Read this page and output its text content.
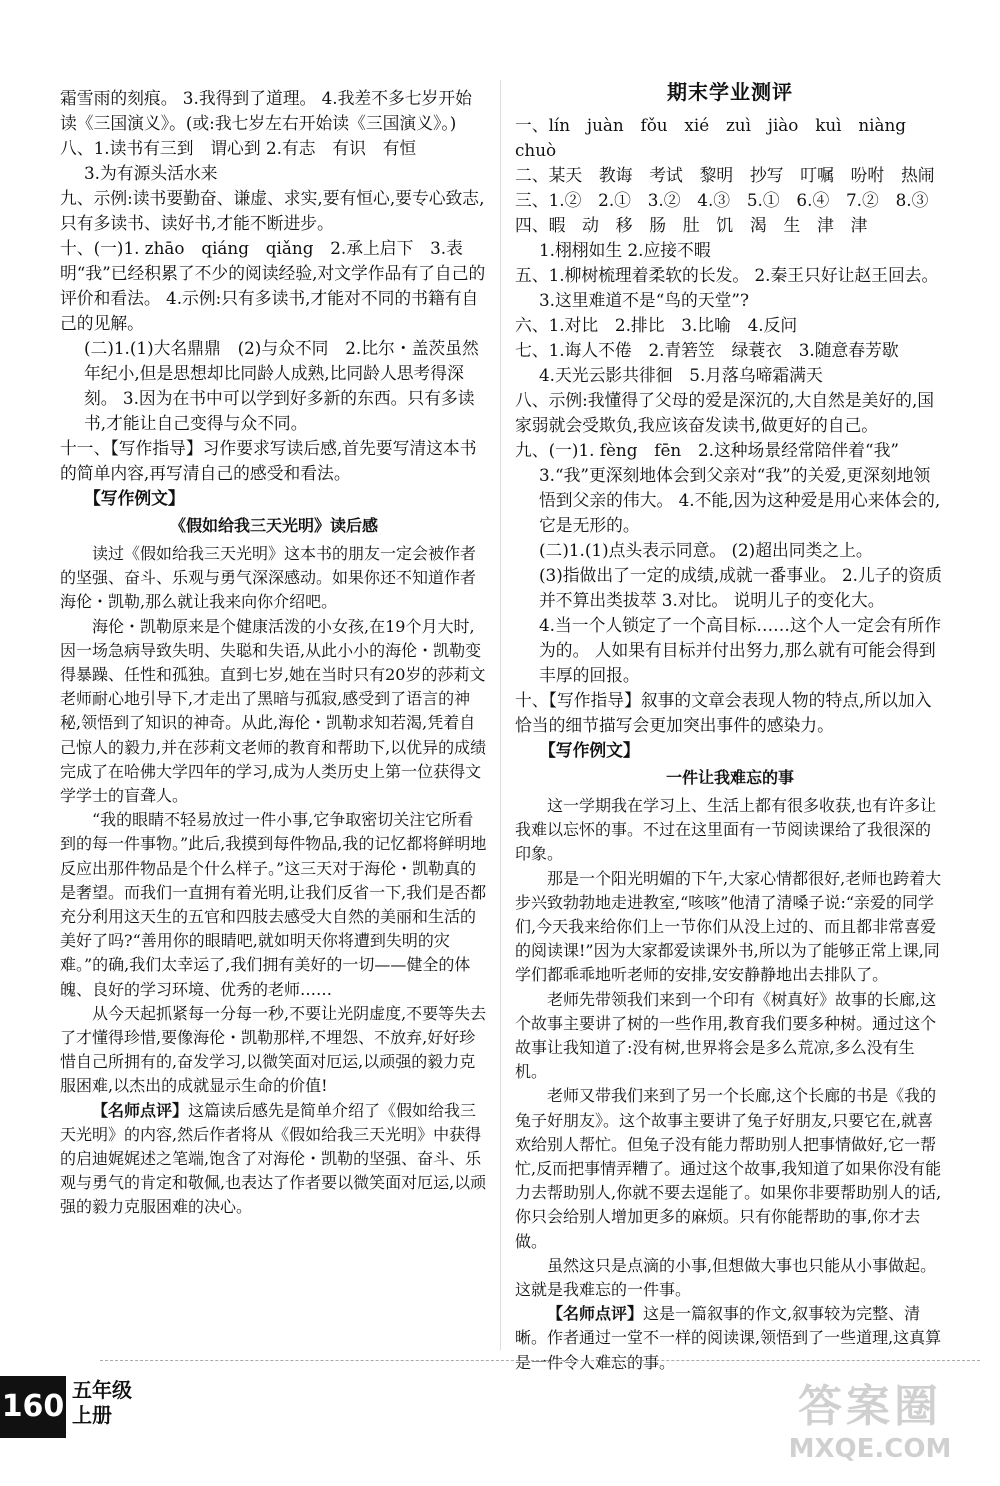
霜雪雨的刻痕。 3.我得到了道理。 4.我差不多七岁开始读《三国演义》。(或:我七岁左右开始读《三国演义》。)

八、1.读书有三到　谓心到 2.有志　有识　有恒

3.为有源头活水来

九、示例:读书要勤奋、谦虚、求实,要有恒心,要专心致志,只有多读书、读好书,才能不断进步。

十、(一)1. zhāo　qiáng　qiǎng　2.承上启下　3.表明“我”已经积累了不少的阅读经验,对文学作品有了自己的评价和看法。 4.示例:只有多读书,才能对不同的书籍有自己的见解。

(二)1.(1)大名鼎鼎　(2)与众不同　2.比尔・盖茨虽然年纪小,但是思想却比同龄人成熟,比同龄人思考得深刻。 3.因为在书中可以学到好多新的东西。只有多读书,才能让自己变得与众不同。

十一、【写作指导】习作要求写读后感,首先要写清这本书的简单内容,再写清自己的感受和看法。

【写作例文】

《假如给我三天光明》读后感

读过《假如给我三天光明》这本书的朋友一定会被作者的坚强、奋斗、乐观与勇气深深感动。如果你还不知道作者海伦・凯勒,那么就让我来向你介绍吧。

海伦・凯勒原来是个健康活泼的小女孩,在19个月大时,因一场急病导致失明、失聪和失语,从此小小的海伦・凯勒变得暴躁、任性和孤独。直到七岁,她在当时只有20岁的莎莉文老师耐心地引导下,才走出了黑暗与孤寂,感受到了语言的神秘,领悟到了知识的神奇。从此,海伦・凯勒求知若渴,凭着自己惊人的毅力,并在莎莉文老师的教育和帮助下,以优异的成绩完成了在哈佛大学四年的学习,成为人类历史上第一位获得文学学士的盲聋人。

“我的眼睛不轻易放过一件小事,它争取密切关注它所看到的每一件事物。”此后,我摸到每件物品,我的记忆都将鲜明地反应出那件物品是个什么样子。”这三天对于海伦・凯勒真的是奢望。而我们一直拥有着光明,让我们反省一下,我们是否都充分利用这天生的五官和四肢去感受大自然的美丽和生活的美好了吗?“善用你的眼睛吧,就如明天你将遭到失明的灾难。”的确,我们太幸运了,我们拥有美好的一切——健全的体魄、良好的学习环境、优秀的老师……

从今天起抓紧每一分每一秒,不要让光阴虚度,不要等失去了才懂得珍惜,要像海伦・凯勒那样,不埋怨、不放弃,好好珍惜自己所拥有的,奋发学习,以微笑面对厄运,以顽强的毅力克服困难,以杰出的成就显示生命的价值!

【名师点评】这篇读后感先是简单介绍了《假如给我三天光明》的内容,然后作者将从《假如给我三天光明》中获得的启迪娓娓述之笔端,饱含了对海伦・凯勒的坚强、奋斗、乐观与勇气的肯定和敬佩,也表达了作者要以微笑面对厄运,以顽强的毅力克服困难的决心。

期末学业测评

一、lín　juàn　fǒu　xié　zuì　jiào　kuì　niàng　chuò

二、某天　教诲　考试　黎明　抄写　叮嘱　吩咐　热闹

三、1.②　2.①　3.②　4.③　5.①　6.④　7.②　8.③

四、暇　动　移　肠　肚　饥　渴　生　津　津

1.栩栩如生 2.应接不暇

五、1.柳树梳理着柔软的长发。 2.秦王只好让赵王回去。

3.这里难道不是“鸟的天堂”?

六、1.对比　2.排比　3.比喻　4.反问

七、1.诲人不倦　2.青箬笠　绿蓑衣　3.随意春芳歇

4.天光云影共徘徊　5.月落乌啼霜满天

八、示例:我懂得了父母的爱是深沉的,大自然是美好的,国家弱就会受欺负,我应该奋发读书,做更好的自己。

九、(一)1. fèng　fēn　2.这种场景经常陪伴着“我”

3.“我”更深刻地体会到父亲对“我”的关爱,更深刻地领悟到父亲的伟大。 4.不能,因为这种爱是用心来体会的,它是无形的。

(二)1.(1)点头表示同意。 (2)超出同类之上。

(3)指做出了一定的成绩,成就一番事业。 2.儿子的资质并不算出类拔萃 3.对比。 说明儿子的变化大。

4.当一个人锁定了一个高目标……这个人一定会有所作为的。 人如果有目标并付出努力,那么就有可能会得到丰厚的回报。

十、【写作指导】叙事的文章会表现人物的特点,所以加入恰当的细节描写会更加突出事件的感染力。

【写作例文】

一件让我难忘的事

这一学期我在学习上、生活上都有很多收获,也有许多让我难以忘怀的事。不过在这里面有一节阅读课给了我很深的印象。

那是一个阳光明媚的下午,大家心情都很好,老师也跨着大步兴致勃勃地走进教室,“咳咳”他清了清嗓子说:“亲爱的同学们,今天我来给你们上一节你们从没上过的、而且都非常喜爱的阅读课!”因为大家都爱读课外书,所以为了能够正常上课,同学们都乖乖地听老师的安排,安安静静地出去排队了。

老师先带领我们来到一个印有《树真好》故事的长廊,这个故事主要讲了树的一些作用,教育我们要多种树。通过这个故事让我知道了:没有树,世界将会是多么荒凉,多么没有生机。

老师又带我们来到了另一个长廊,这个长廊的书是《我的兔子好朋友》。这个故事主要讲了兔子好朋友,只要它在,就喜欢给别人帮忙。但兔子没有能力帮助别人把事情做好,它一帮忙,反而把事情弄糟了。通过这个故事,我知道了如果你没有能力去帮助别人,你就不要去逞能了。如果你非要帮助别人的话,你只会给别人增加更多的麻烦。只有你能帮助的事,你才去做。

虽然这只是点滴的小事,但想做大事也只能从小事做起。这就是我难忘的一件事。

【名师点评】这是一篇叙事的作文,叙事较为完整、清晰。作者通过一堂不一样的阅读课,领悟到了一些道理,这真算是一件令人难忘的事。

160 五年级
上册	答案圈
MXQE.COM
